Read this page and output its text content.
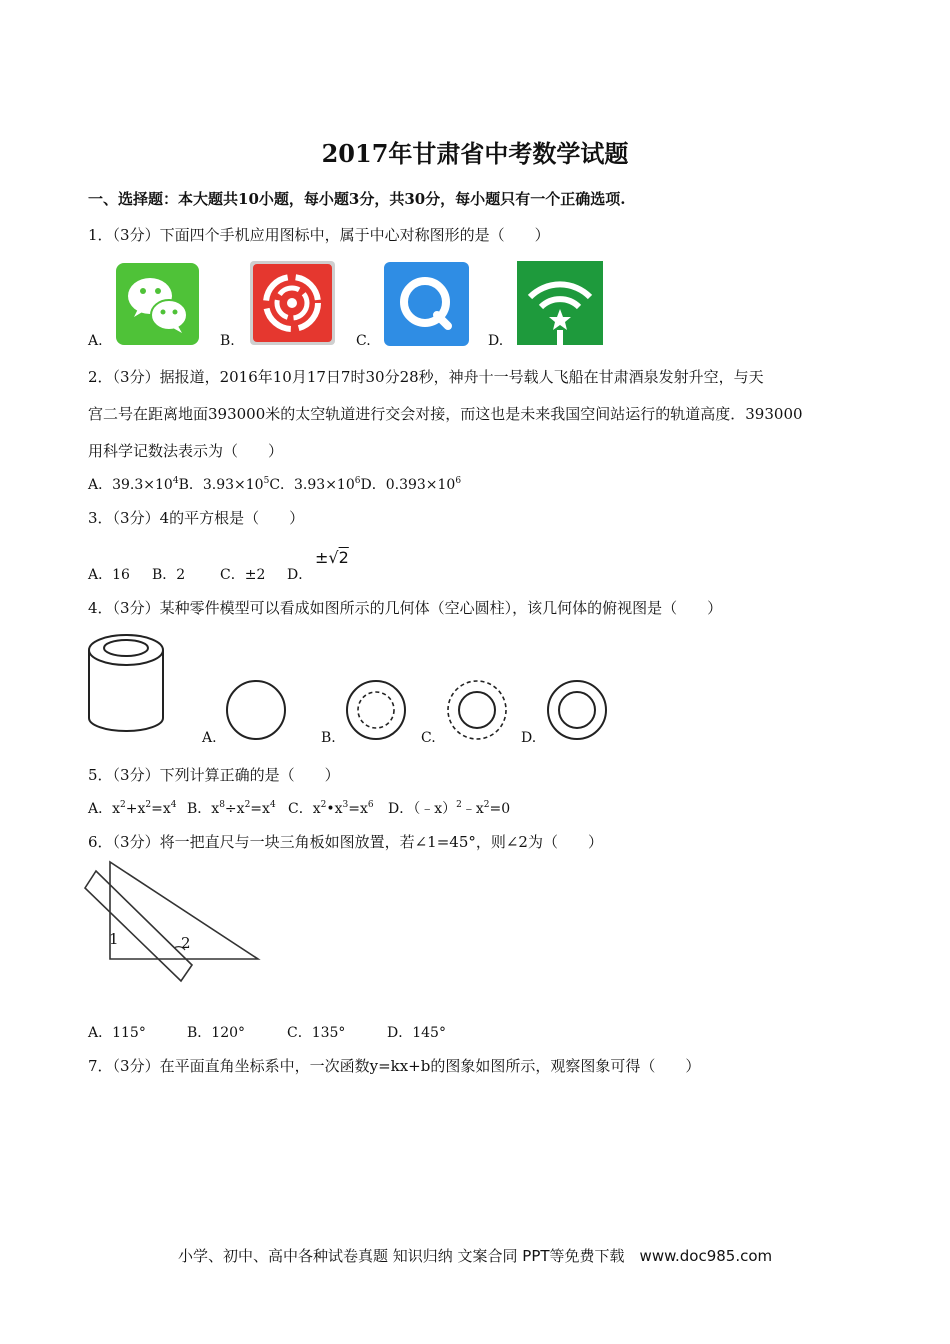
2017年甘肃省中考数学试题
一、选择题：本大题共10小题，每小题3分，共30分，每小题只有一个正确选项.
1．（3分）下面四个手机应用图标中，属于中心对称图形的是（　　）
A.	B.	C.	D.
2．（3分）据报道，2016年10月17日7时30分28秒，神舟十一号载人飞船在甘肃酒泉发射升空，与天
宫二号在距离地面393000米的太空轨道进行交会对接，而这也是未来我国空间站运行的轨道高度．393000
用科学记数法表示为（　　）
A．$39.3\times 10^4B$．$3.93\times 10^5C$．$3.93\times 10^6D$．$0.393\times 10^6$
3．（3分）4的平方根是（　　）
A．16 B．2 C．±2 D．
±√2
4．（3分）某种零件模型可以看成如图所示的几何体（空心圆柱），该几何体的俯视图是（　　）
A.	B.	C.	D.
5．（3分）下列计算正确的是（　　）
A．$x^2+x^2=x^4$ B．$x^8\div x^2=x^4$ C．$x^2•x^3=x^6$ D．$(﹣x)^2﹣x^2=0$
6．（3分）将一把直尺与一块三角板如图放置，若∠1=45°，则∠2为（　　）
1	2
A．115°	B．120°	C．135°	D．145°
7．（3分）在平面直角坐标系中，一次函数y=kx+b的图象如图所示，观察图象可得（　　）
小学、初中、高中各种试卷真题 知识归纳 文案合同 PPT等免费下载　www.doc985.com
